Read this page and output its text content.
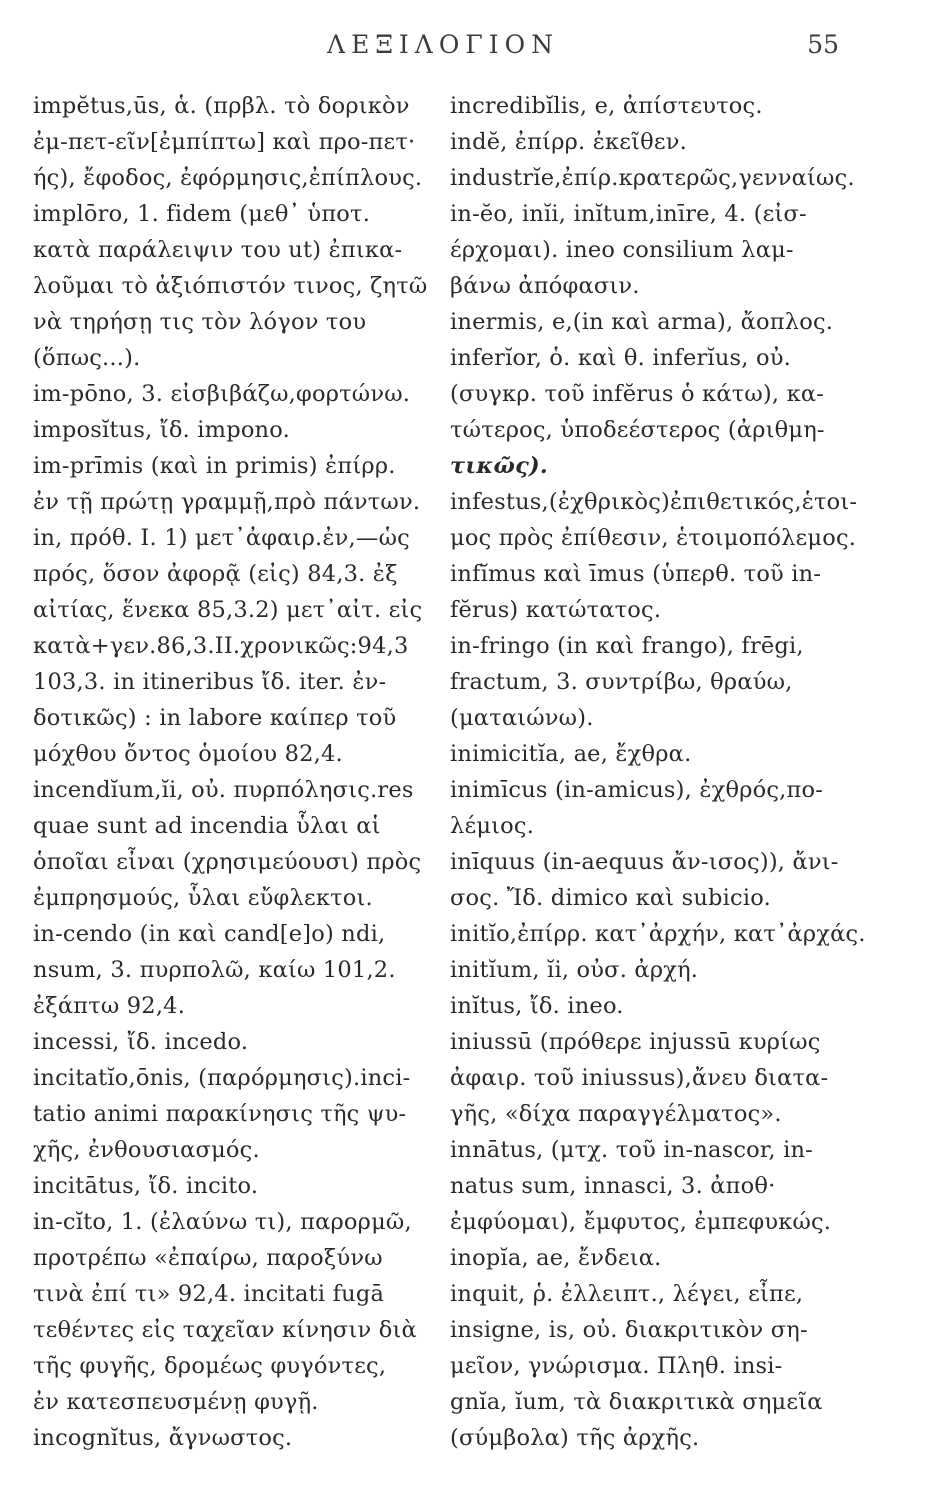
ΛΕΞΙΛΟΓΙΟΝ	55
impĕtus,ūs, ἁ. (πρβλ. τὸ δορικὸν
ἐμ-πετ-εῖν[ἐμπίπτω] καὶ προ-πετ·
ής), ἔφοδος, ἐφόρμησις,ἐπίπλους.
implōro, 1. fidem (μεθ᾿ ὑποτ.
κατὰ παράλειψιν του ut) ἐπικα-
λοῦμαι τὸ ἀξιόπιστόν τινος, ζητῶ
νὰ τηρήσῃ τις τὸν λόγον του
(ὅπως...).
im-pōno, 3. εἰσβιβάζω,φορτώνω.
imposĭtus, ἴδ. impono.
im-prīmis (καὶ in primis) ἐπίρρ.
ἐν τῇ πρώτῃ γραμμῇ,πρὸ πάντων.
in, πρόθ. I. 1) μετ᾿ἀφαιρ.ἐν,—ὡς
πρός, ὅσον ἀφορᾷ (εἰς) 84,3. ἐξ
αἰτίας, ἕνεκα 85,3.2) μετ᾿αἰτ. εἰς
κατὰ+γεν.86,3.II.χρονικῶς:94,3
103,3. in itineribus ἴδ. iter. ἐν-
δοτικῶς) : in labore καίπερ τοῦ
μόχθου ὄντος ὁμοίου 82,4.
incendĭum,ĭi, οὐ. πυρπόλησις.res
quae sunt ad incendia ὗλαι αἱ
ὁποῖαι εἶναι (χρησιμεύουσι) πρὸς
ἐμπρησμούς, ὗλαι εὔφλεκτοι.
in-cendo (in καὶ cand[e]o) ndi,
nsum, 3. πυρπολῶ, καίω 101,2.
ἐξάπτω 92,4.
incessi, ἴδ. incedo.
incitatĭo,ōnis, (παρόρμησις).inci-
tatio animi παρακίνησις τῆς ψυ-
χῆς, ἐνθουσιασμός.
incitātus, ἴδ. incito.
in-cĭto, 1. (ἐλαύνω τι), παρορμῶ,
προτρέπω «ἐπαίρω, παροξύνω
τινὰ ἐπί τι» 92,4. incitati fugā
τεθέντες εἰς ταχεῖαν κίνησιν διὰ
τῆς φυγῆς, δρομέως φυγόντες,
ἐν κατεσπευσμένῃ φυγῇ.
incognĭtus, ἄγνωστος.
incredibĭlis, e, ἀπίστευτος.
indĕ, ἐπίρρ. ἐκεῖθεν.
industrĭe,ἐπίρ.κρατερῶς,γενναίως.
in-ĕo, inĭi, inĭtum,inīre, 4. (εἰσ-
έρχομαι). ineo consilium λαμ-
βάνω ἀπόφασιν.
inermis, e,(in καὶ arma), ἄοπλος.
inferĭor, ὁ. καὶ θ. inferĭus, οὐ.
(συγκρ. τοῦ infĕrus ὁ κάτω), κα-
τώτερος, ὑποδεέστερος (ἀριθμη-
τικῶς).
infestus,(ἐχθρικὸς)ἐπιθετικός,ἑτοι-
μος πρὸς ἐπίθεσιν, ἑτοιμοπόλεμος.
infĭmus καὶ īmus (ὑπερθ. τοῦ in-
fĕrus) κατώτατος.
in-fringo (in καὶ frango), frēgi,
fractum, 3. συντρίβω, θραύω,
(ματαιώνω).
inimicitĭa, ae, ἔχθρα.
inimīcus (in-amicus), ἐχθρός,πο-
λέμιος.
inīquus (in-aequus ἄν-ισος)), ἄνι-
σος. Ἴδ. dimico καὶ subicio.
initĭo,ἐπίρρ. κατ᾿ἀρχήν, κατ᾿ἀρχάς.
initĭum, ĭi, οὐσ. ἀρχή.
inĭtus, ἴδ. ineo.
iniussū (πρόθερε injussū κυρίως
ἀφαιρ. τοῦ iniussus),ἄνευ διατα-
γῆς, «δίχα παραγγέλματος».
innātus, (μτχ. τοῦ in-nascor, in-
natus sum, innasci, 3. ἀποθ·
ἐμφύομαι), ἔμφυτος, ἐμπεφυκώς.
inopĭa, ae, ἔνδεια.
inquit, ῥ. ἐλλειπτ., λέγει, εἶπε,
insigne, is, οὐ. διακριτικὸν ση-
μεῖον, γνώρισμα. Πληθ. insi-
gnĭa, ĭum, τὰ διακριτικὰ σημεῖα
(σύμβολα) τῆς ἀρχῆς.
